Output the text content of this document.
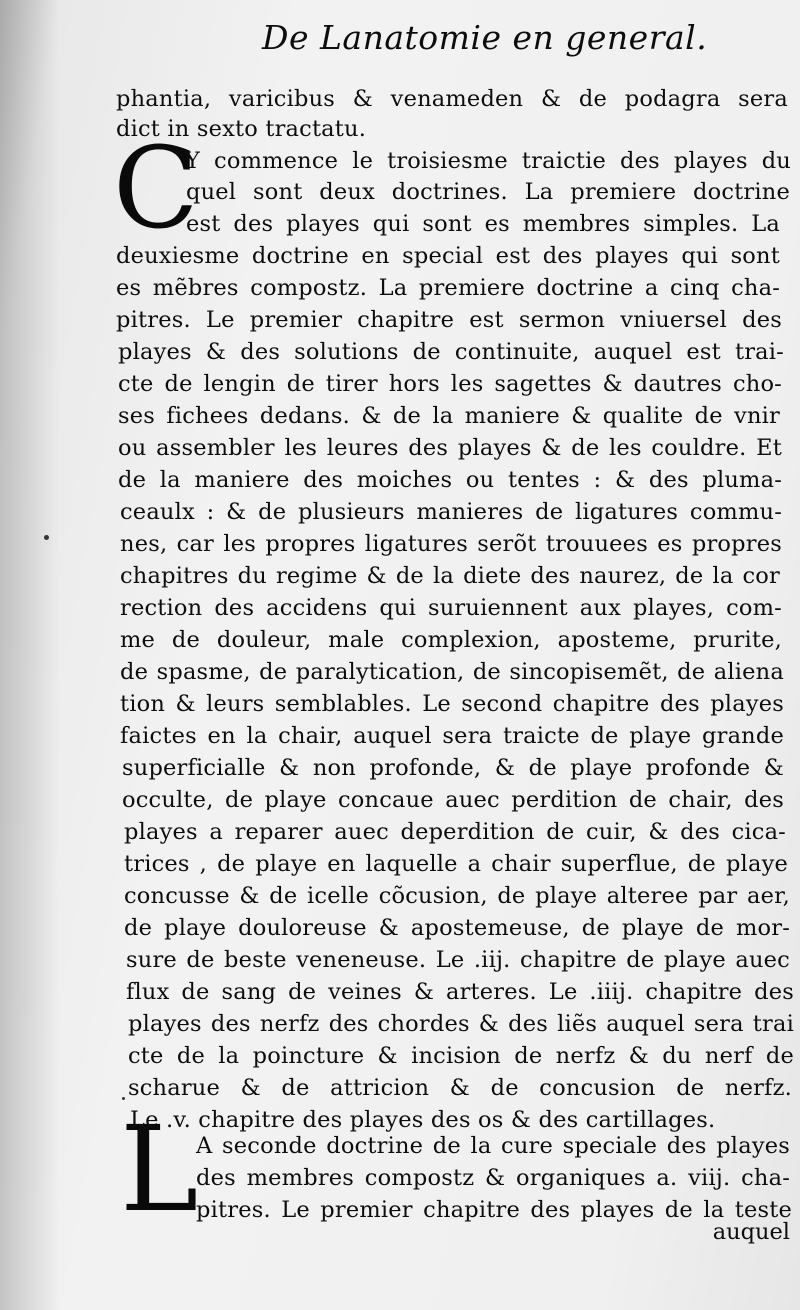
De Lanatomie en general.
C
L
phantia, varicibus & venameden & de podagra sera
dict in sexto tractatu.
Y commence le troisiesme traictie des playes du
quel sont deux doctrines. La premiere doctrine
est des playes qui sont es membres simples. La
deuxiesme doctrine en special est des playes qui sont
es mẽbres compostz. La premiere doctrine a cinq cha-
pitres. Le premier chapitre est sermon vniuersel des
playes & des solutions de continuite, auquel est trai-
cte de lengin de tirer hors les sagettes & dautres cho-
ses fichees dedans. & de la maniere & qualite de vnir
ou assembler les leures des playes & de les couldre. Et
de la maniere des moiches ou tentes : & des pluma-
ceaulx : & de plusieurs manieres de ligatures commu-
nes, car les propres ligatures serõt trouuees es propres
chapitres du regime & de la diete des naurez, de la cor
rection des accidens qui suruiennent aux playes, com-
me de douleur, male complexion, aposteme, prurite,
de spasme, de paralytication, de sincopisemẽt, de aliena
tion & leurs semblables. Le second chapitre des playes
faictes en la chair, auquel sera traicte de playe grande
superficialle & non profonde, & de playe profonde &
occulte, de playe concaue auec perdition de chair, des
playes a reparer auec deperdition de cuir, & des cica-
trices , de playe en laquelle a chair superflue, de playe
concusse & de icelle cõcusion, de playe alteree par aer,
de playe douloreuse & apostemeuse, de playe de mor-
sure de beste veneneuse. Le .iij. chapitre de playe auec
flux de sang de veines & arteres. Le .iiij. chapitre des
playes des nerfz des chordes & des liẽs auquel sera trai
cte de la poincture & incision de nerfz & du nerf de
scharue & de attricion & de concusion de nerfz.
Le .v. chapitre des playes des os & des cartillages.
A seconde doctrine de la cure speciale des playes
des membres compostz & organiques a. viij. cha-
pitres. Le premier chapitre des playes de la teste
auquel
